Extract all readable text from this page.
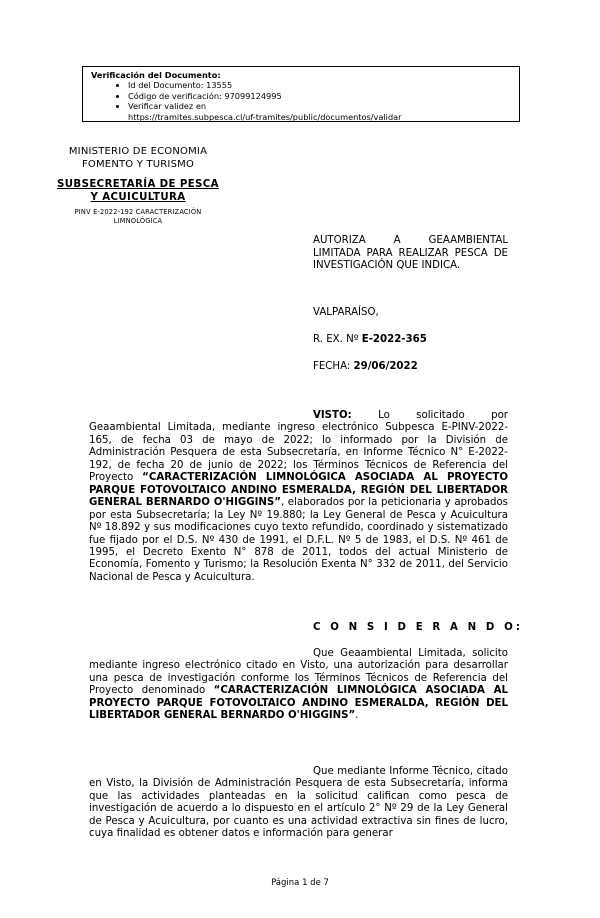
Verificación del Documento:
• Id del Documento: 13555
• Código de verificación: 97099124995
• Verificar validez en
https://tramites.subpesca.cl/uf-tramites/public/documentos/validar
MINISTERIO DE ECONOMIA
FOMENTO Y TURISMO
SUBSECRETARÍA DE PESCA
Y ACUICULTURA
PINV E-2022-192 CARACTERIZACIÓN
LIMNOLÓGICA
AUTORIZA A GEAAMBIENTAL LIMITADA PARA REALIZAR PESCA DE INVESTIGACIÓN QUE INDICA.
VALPARAÍSO,
R. EX. Nº E-2022-365
FECHA: 29/06/2022
VISTO: Lo solicitado por Geaambiental Limitada, mediante ingreso electrónico Subpesca E-PINV-2022-165, de fecha 03 de mayo de 2022; lo informado por la División de Administración Pesquera de esta Subsecretaría, en Informe Técnico N° E-2022-192, de fecha 20 de junio de 2022; los Términos Técnicos de Referencia del Proyecto “CARACTERIZACIÓN LIMNOLÓGICA ASOCIADA AL PROYECTO PARQUE FOTOVOLTAICO ANDINO ESMERALDA, REGIÓN DEL LIBERTADOR GENERAL BERNARDO O'HIGGINS”, elaborados por la peticionaria y aprobados por esta Subsecretaría; la Ley Nº 19.880; la Ley General de Pesca y Acuicultura Nº 18.892 y sus modificaciones cuyo texto refundido, coordinado y sistematizado fue fijado por el D.S. Nº 430 de 1991, el D.F.L. Nº 5 de 1983, el D.S. Nº 461 de 1995, el Decreto Exento N° 878 de 2011, todos del actual Ministerio de Economía, Fomento y Turismo; la Resolución Exenta N° 332 de 2011, del Servicio Nacional de Pesca y Acuicultura.
C O N S I D E R A N D O:
Que Geaambiental Limitada, solicito mediante ingreso electrónico citado en Visto, una autorización para desarrollar una pesca de investigación conforme los Términos Técnicos de Referencia del Proyecto denominado “CARACTERIZACIÓN LIMNOLÓGICA ASOCIADA AL PROYECTO PARQUE FOTOVOLTAICO ANDINO ESMERALDA, REGIÓN DEL LIBERTADOR GENERAL BERNARDO O'HIGGINS”.
Que mediante Informe Técnico, citado en Visto, la División de Administración Pesquera de esta Subsecretaría, informa que las actividades planteadas en la solicitud califican como pesca de investigación de acuerdo a lo dispuesto en el artículo 2° Nº 29 de la Ley General de Pesca y Acuicultura, por cuanto es una actividad extractiva sin fines de lucro, cuya finalidad es obtener datos e información para generar
Página 1 de 7
